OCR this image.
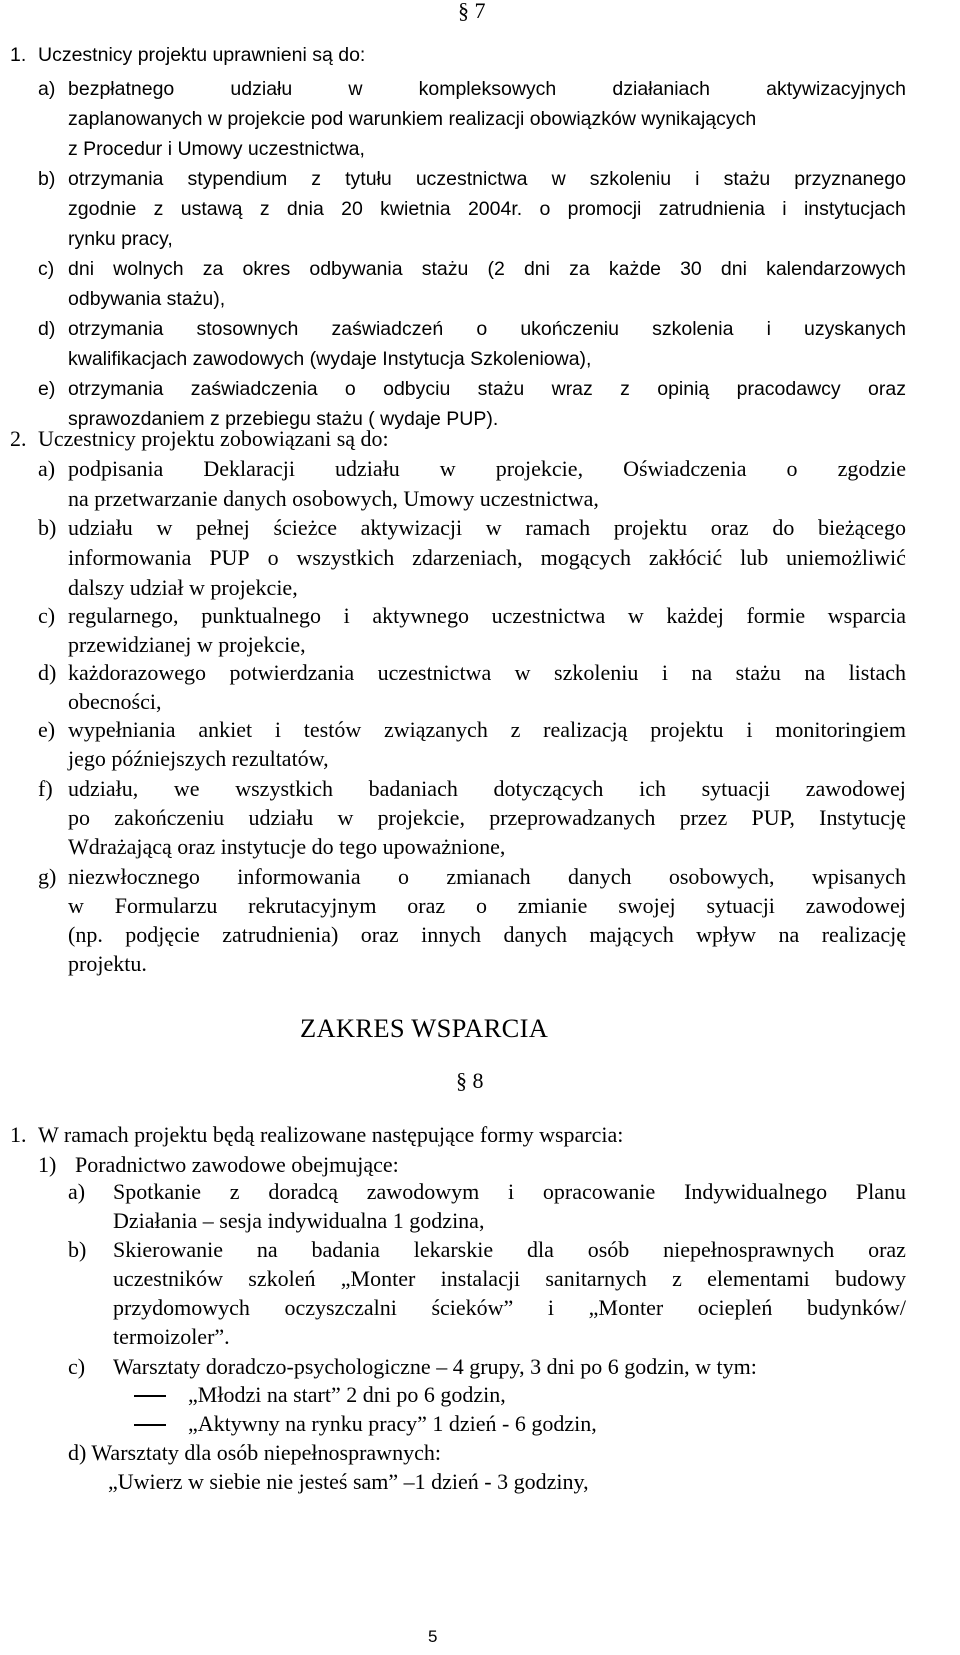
§ 7
1. Uczestnicy projektu uprawnieni są do:
a) bezpłatnego	udziału	w	kompleksowych	działaniach	aktywizacyjnych
zaplanowanych w projekcie pod warunkiem realizacji obowiązków wynikających
z Procedur i Umowy uczestnictwa,
b) otrzymania stypendium z tytułu uczestnictwa w szkoleniu i stażu przyznanego
zgodnie z ustawą z dnia 20 kwietnia 2004r. o promocji zatrudnienia i instytucjach
rynku pracy,
c) dni wolnych za okres odbywania stażu (2 dni za każde 30 dni kalendarzowych
odbywania stażu),
d) otrzymania stosownych zaświadczeń o ukończeniu szkolenia i uzyskanych
kwalifikacjach zawodowych (wydaje Instytucja Szkoleniowa),
e) otrzymania zaświadczenia o odbyciu stażu wraz z opinią pracodawcy oraz
sprawozdaniem z przebiegu stażu ( wydaje PUP).
2. Uczestnicy projektu zobowiązani są do:
a) podpisania Deklaracji udziału w projekcie, Oświadczenia o zgodzie
na przetwarzanie danych osobowych, Umowy uczestnictwa,
b) udziału w pełnej ścieżce aktywizacji w ramach projektu oraz do bieżącego
informowania PUP o wszystkich zdarzeniach, mogących zakłócić lub uniemożliwić
dalszy udział w projekcie,
c) regularnego, punktualnego i aktywnego uczestnictwa w każdej formie wsparcia
przewidzianej w projekcie,
d) każdorazowego potwierdzania uczestnictwa w szkoleniu i na stażu na listach
obecności,
e) wypełniania ankiet i testów związanych z realizacją projektu i monitoringiem
jego późniejszych rezultatów,
f) udziału, we wszystkich badaniach dotyczących ich sytuacji zawodowej
po zakończeniu udziału w projekcie, przeprowadzanych przez PUP, Instytucję
Wdrażającą oraz instytucje do tego upoważnione,
g) niezwłocznego informowania o zmianach danych osobowych, wpisanych
w Formularzu rekrutacyjnym oraz o zmianie swojej sytuacji zawodowej
(np. podjęcie zatrudnienia) oraz innych danych mających wpływ na realizację
projektu.
ZAKRES WSPARCIA
§ 8
1. W ramach projektu będą realizowane następujące formy wsparcia:
1) Poradnictwo zawodowe obejmujące:
a) Spotkanie z doradcą zawodowym i opracowanie Indywidualnego Planu
Działania – sesja indywidualna 1 godzina,
b) Skierowanie na badania lekarskie dla osób niepełnosprawnych oraz
uczestników szkoleń „Monter instalacji sanitarnych z elementami budowy
przydomowych oczyszczalni ścieków” i „Monter ociepleń budynków/
termoizoler”.
c) Warsztaty doradczo-psychologiczne – 4 grupy, 3 dni po 6 godzin, w tym:
„Młodzi na start” 2 dni po 6 godzin,
„Aktywny na rynku pracy” 1 dzień - 6 godzin,
d) Warsztaty dla osób niepełnosprawnych:
„Uwierz w siebie nie jesteś sam” –1 dzień - 3 godziny,
5
